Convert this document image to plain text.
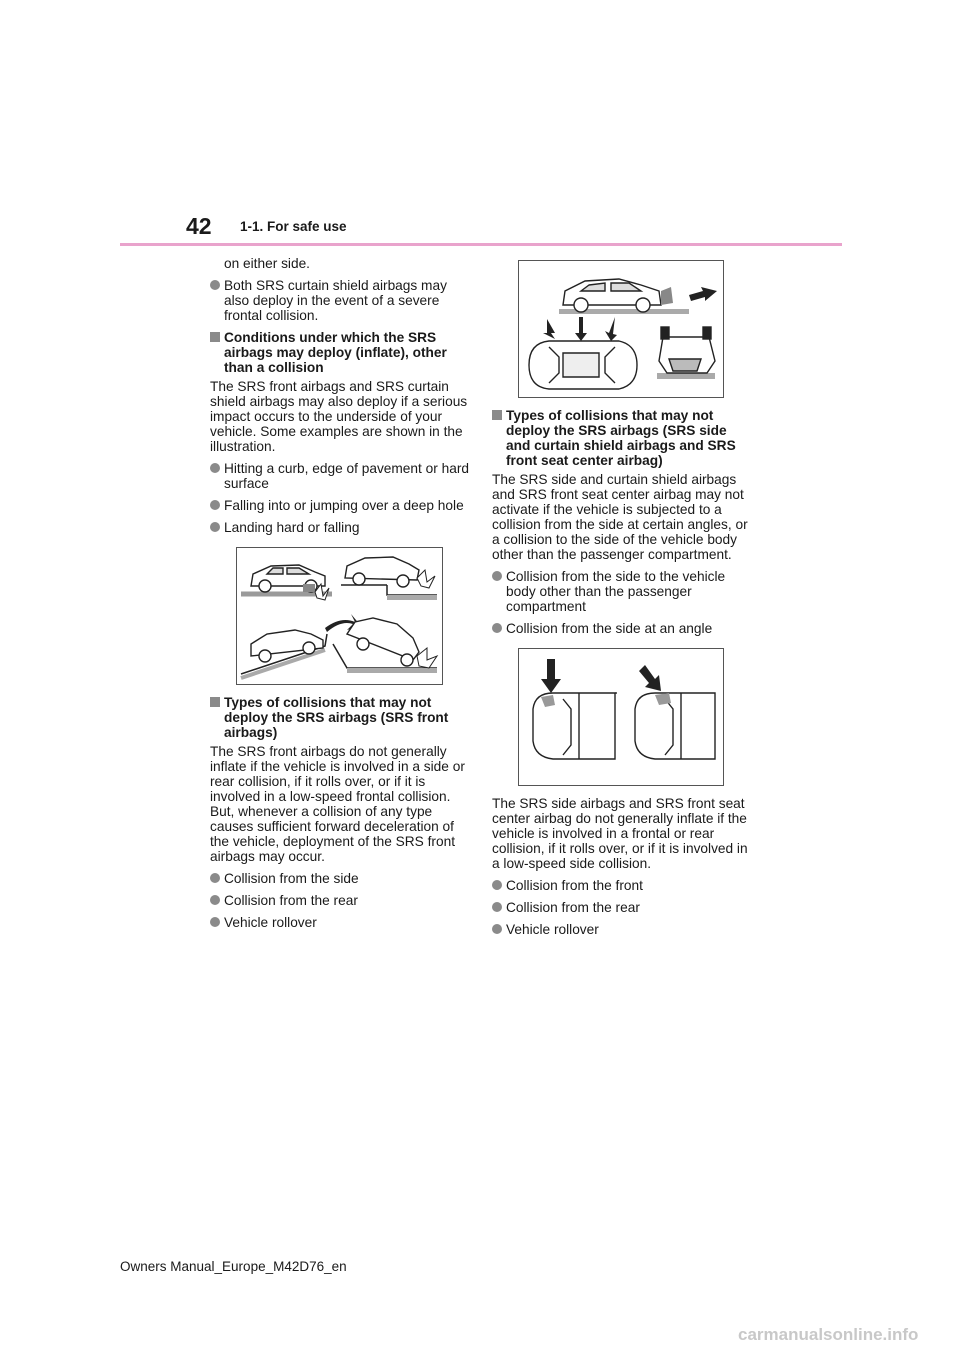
42 1-1. For safe use
on either side.
Both SRS curtain shield airbags may also deploy in the event of a severe frontal collision.
Conditions under which the SRS airbags may deploy (inflate), other than a collision
The SRS front airbags and SRS curtain shield airbags may also deploy if a serious impact occurs to the underside of your vehicle. Some examples are shown in the illustration.
Hitting a curb, edge of pavement or hard surface
Falling into or jumping over a deep hole
Landing hard or falling
Types of collisions that may not deploy the SRS airbags (SRS front airbags)
The SRS front airbags do not generally inflate if the vehicle is involved in a side or rear collision, if it rolls over, or if it is involved in a low-speed frontal collision. But, whenever a collision of any type causes sufficient forward deceleration of the vehicle, deployment of the SRS front airbags may occur.
Collision from the side
Collision from the rear
Vehicle rollover
Types of collisions that may not deploy the SRS airbags (SRS side and curtain shield airbags and SRS front seat center airbag)
The SRS side and curtain shield airbags and SRS front seat center airbag may not activate if the vehicle is subjected to a collision from the side at certain angles, or a collision to the side of the vehicle body other than the passenger compartment.
Collision from the side to the vehicle body other than the passenger compartment
Collision from the side at an angle
The SRS side airbags and SRS front seat center airbag do not generally inflate if the vehicle is involved in a frontal or rear collision, if it rolls over, or if it is involved in a low-speed side collision.
Collision from the front
Collision from the rear
Vehicle rollover
Owners Manual_Europe_M42D76_en
carmanualsonline.info
